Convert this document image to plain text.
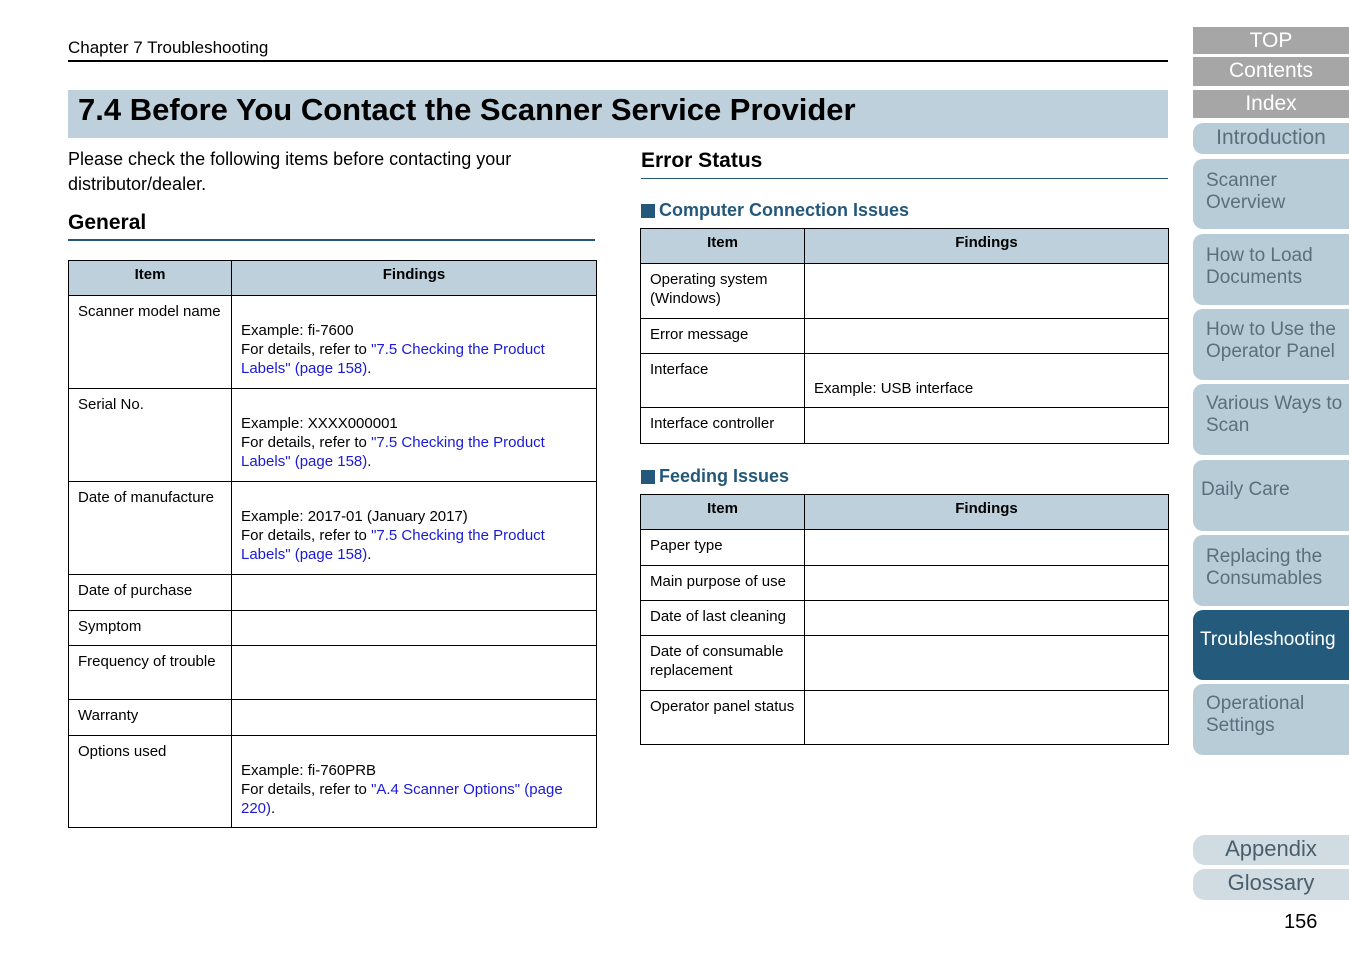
Chapter 7 Troubleshooting
7.4 Before You Contact the Scanner Service Provider
Please check the following items before contacting your distributor/dealer.
General
Item	Findings
Scanner model name	Example: fi-7600
For details, refer to "7.5 Checking the Product Labels" (page 158).

Serial No.	Example: XXXX000001
For details, refer to "7.5 Checking the Product Labels" (page 158).

Date of manufacture	Example: 2017-01 (January 2017)
For details, refer to "7.5 Checking the Product Labels" (page 158).

Date of purchase	
Symptom	
Frequency of trouble	
Warranty	
Options used	Example: fi-760PRB
For details, refer to "A.4 Scanner Options" (page 220).
Error Status
Computer Connection Issues
Item	Findings
Operating system (Windows)	
Error message	
Interface	Example: USB interface
Interface controller	
Feeding Issues
Item	Findings
Paper type	
Main purpose of use	
Date of last cleaning	
Date of consumable replacement	
Operator panel status	
TOP
Contents
Index
Introduction
Scanner Overview
How to Load Documents
How to Use the Operator Panel
Various Ways to Scan
Daily Care
Replacing the Consumables
Troubleshooting
Operational Settings
Appendix
Glossary
156
